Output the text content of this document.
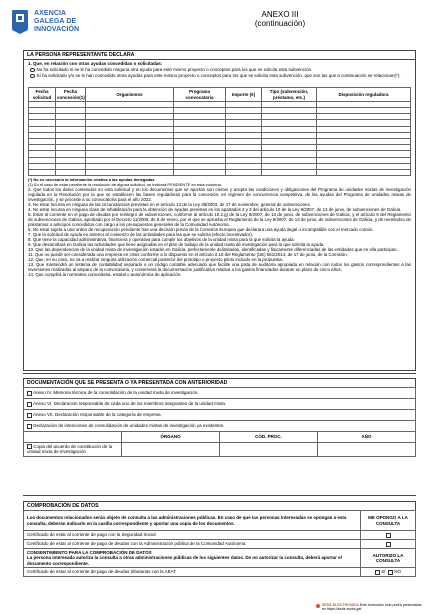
AXENCIA
GALEGA DE
INNOVACIÓN
ANEXO III
(continuación)
LA PERSONA REPRESENTANTE DECLARA
1. Que, en relación con otras ayudas concedidas o solicitadas:
No ha solicitado ni se le ha concedido ninguna otra ayuda para este mismo proyecto o conceptos para los que se solicita esta subvención.
Sí ha solicitado y/o se le han concedido otras ayudas para este mismo proyecto o conceptos para los que se solicita esta subvención, que son las que a continuación se relacionan(*):
Fecha solicitud	Fecha concesión(1)	Organismos	Programa convocatoria	Importe (€)	Tipo (subvención, préstamo, etc.)	Disposición reguladora

(*) No es necesario la información relativa a las ayudas denegadas
(1) En el caso de estar pendiente la resolución de alguna solicitud, se indicará PENDIENTE en esta columna.
2. Que todos los datos contenidos en esta solicitud y en los documentos que se aportan son ciertos y acepta las condiciones y obligaciones del Programa de unidades mixtas de investigación regulada en la Resolución por la que se establecen las bases reguladoras para la concesión, en régimen de concurrencia competitiva, de las ayudas del Programa de unidades mixtas de investigación, y se procede a su convocatoria para el año 2022.
3. No estar incursa en ninguna de las circunstancias previstas en el artículo 13 de la Ley 38/2003, de 17 de noviembre, general de subvenciones.
4. No estar incursa en ninguna clase de inhabilitación para la obtención de ayudas previstas en los apartados 2 y 3 del artículo 10 de la Ley 9/2007, de 13 de junio, de subvenciones de Galicia.
5. Estar al corriente en el pago de deudas por reintegro de subvenciones, conforme al artículo 10.2.g) de la Ley 9/2007, de 13 de junio, de subvenciones de Galicia, y el artículo 9 del Reglamento de subvenciones de Galicia, aprobado por el Decreto 11/2009, de 8 de enero, por el que se aprueba el Reglamento de la Ley 9/2007, de 13 de junio, de subvenciones de Galicia, y de reembolso de préstamos o anticipos concedidos con cargo a los presupuestos generales de la Comunidad Autónoma.
6. No estar sujeta a una orden de recuperación pendiente tras una decisión previa de la Comisión Europea que declarara una ayuda ilegal o incompatible con el mercado común.
7. Que la solicitud de ayuda es anterior al comienzo de las actividades para las que se solicita (efecto incentivador).
8. Que tiene la capacidad administrativa, financiera y operativa para cumplir los objetivos de la unidad mixta para la que solicita la ayuda.
9. Que desarrollará en Galicia las actividades que tiene asignadas en el plan de trabajo de la unidad mixta de investigación para la que solicita la ayuda.
10. Que las dependencias de la unidad mixta de investigación estarán en Galicia, perfectamente delimitadas, identificadas y físicamente diferenciadas de las entidades que en ella participan.
11. Que no puede ser considerada una empresa en crisis conforme a lo dispuesto en el artículo 2.18 del Reglamento (UE) 651/2014, de 17 de junio, de la Comisión.
12. Que, en su caso, no va a realizar ninguna utilización comercial posterior del prototipo o proyecto piloto incluido en la propuesta.
13. Que mantendrá un sistema de contabilidad separado o un código contable adecuado que facilite una pista de auditoría apropiada en relación con todos los gastos correspondientes a las inversiones realizadas al amparo de la convocatoria, y conservará la documentación justificativa relativa a los gastos financiados durante un plazo de cinco años.
14. Que cumplirá la normativa comunitaria, estatal o autonómica de aplicación.
DOCUMENTACIÓN QUE SE PRESENTA O YA PRESENTADA CON ANTERIORIDAD
Anexo IV. Memoria técnica de la consolidación de la unidad mixta de investigación.			
Anexo VI. Declaración responsable de cada uno de los miembros integrantes de la unidad mixta.			
Anexo VII. Declaración responsable de la categoría de empresa			
Declaración de intenciones de consolidación de unidades mixtas de investigación ya existentes.			
	ÓRGANO	CÓD. PROC.	AÑO
Copia del acuerdo de constitución de la unidad mixta de investigación			
COMPROBACIÓN DE DATOS
Los documentos relacionados serán objeto de consulta a las administraciones públicas. En caso de que las personas interesadas se opongan a esta consulta, deberán indicarlo en la casilla correspondiente y aportar una copia de los documentos.	ME OPONGO A LA CONSULTA
Certificado de estar al corriente de pago con la Seguridad Social	
Certificado de estar al corriente de pago de deudas con la Administración pública de la Comunidad Autónoma	

CONSENTIMIENTO PARA LA COMPROBACIÓN DE DATOS
La persona interesada autoriza la consulta a otras administraciones públicas de los siguientes datos. De no autorizar la consulta, deberá aportar el documento correspondiente.	AUTORIZO LA CONSULTA
Certificado de estar al corriente de pago de deudas tributarias con la AEAT	SÍ NO
SEDE ELECTRÓNICA Este formulario solo podrá presentarse en https://sede.xunta.gal
